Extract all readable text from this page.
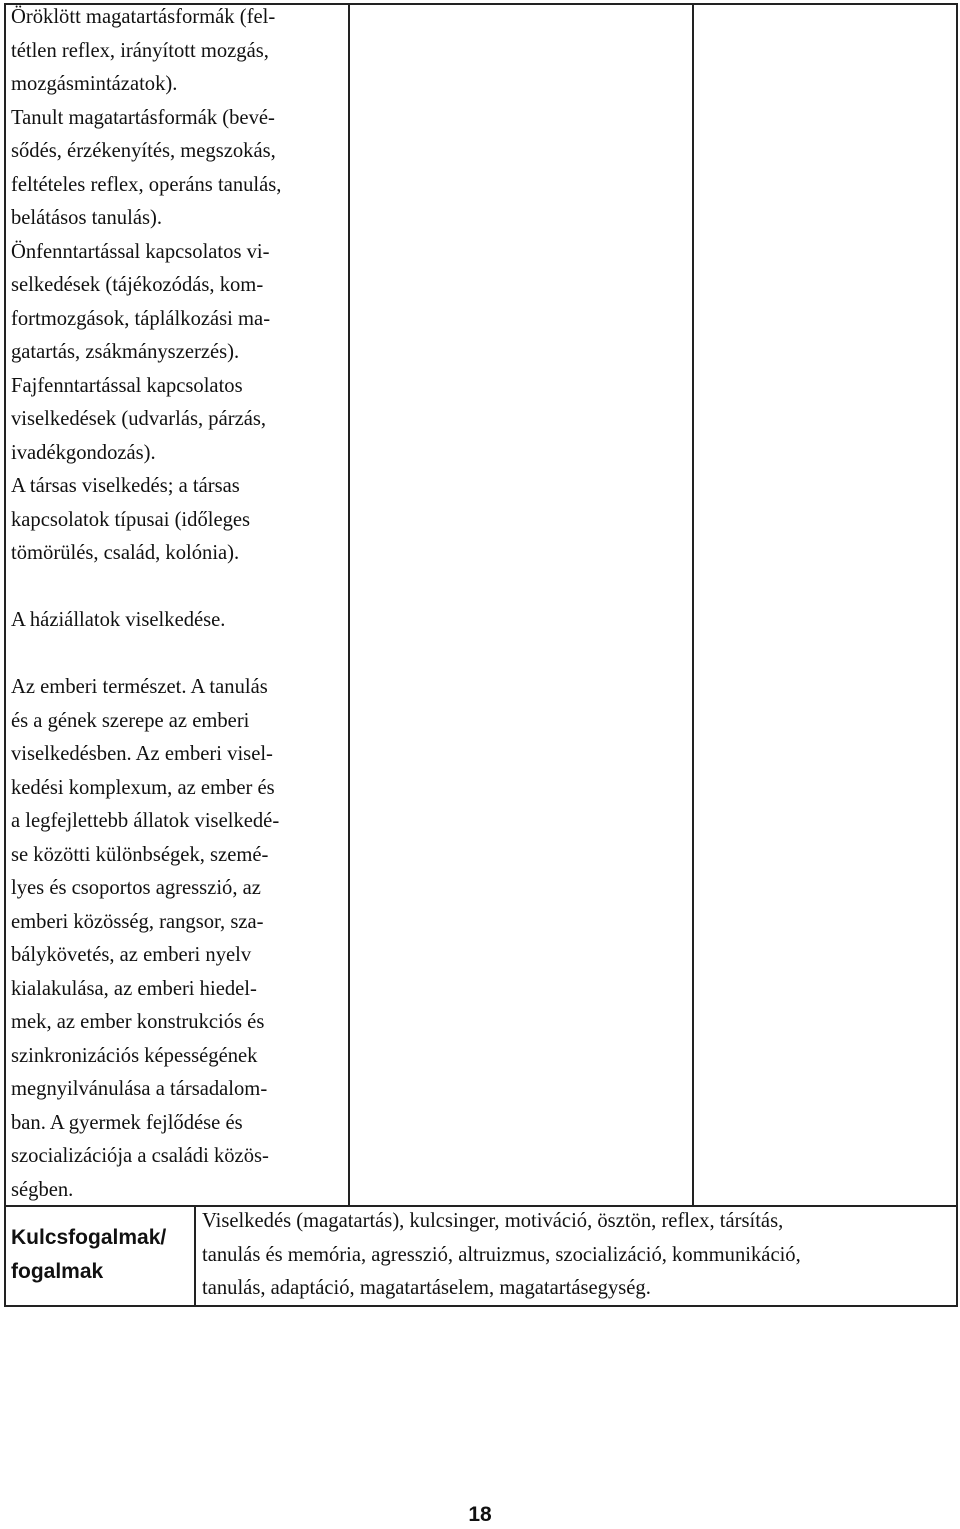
Öröklött magatartásformák (fel-
tétlen reflex, irányított mozgás,
mozgásmintázatok).
Tanult magatartásformák (bevé-
sődés, érzékenyítés, megszokás,
feltételes reflex, operáns tanulás,
belátásos tanulás).
Önfenntartással kapcsolatos vi-
selkedések (tájékozódás, kom-
fortmozgások, táplálkozási ma-
gatartás, zsákmányszerzés).
Fajfenntartással kapcsolatos
viselkedések (udvarlás, párzás,
ivadékgondozás).
A társas viselkedés; a társas
kapcsolatok típusai (időleges
tömörülés, család, kolónia).
A háziállatok viselkedése.
Az emberi természet. A tanulás
és a gének szerepe az emberi
viselkedésben. Az emberi visel-
kedési komplexum, az ember és
a legfejlettebb állatok viselkedé-
se közötti különbségek, szemé-
lyes és csoportos agresszió, az
emberi közösség, rangsor, sza-
bálykövetés, az emberi nyelv
kialakulása, az emberi hiedel-
mek, az ember konstrukciós és
szinkronizációs képességének
megnyilvánulása a társadalom-
ban. A gyermek fejlődése és
szocializációja a családi közös-
ségben.
Kulcsfogalmak/
fogalmak
Viselkedés (magatartás), kulcsinger, motiváció, ösztön, reflex, társítás,
tanulás és memória, agresszió, altruizmus, szocializáció, kommunikáció,
tanulás, adaptáció, magatartáselem, magatartásegység.
18
